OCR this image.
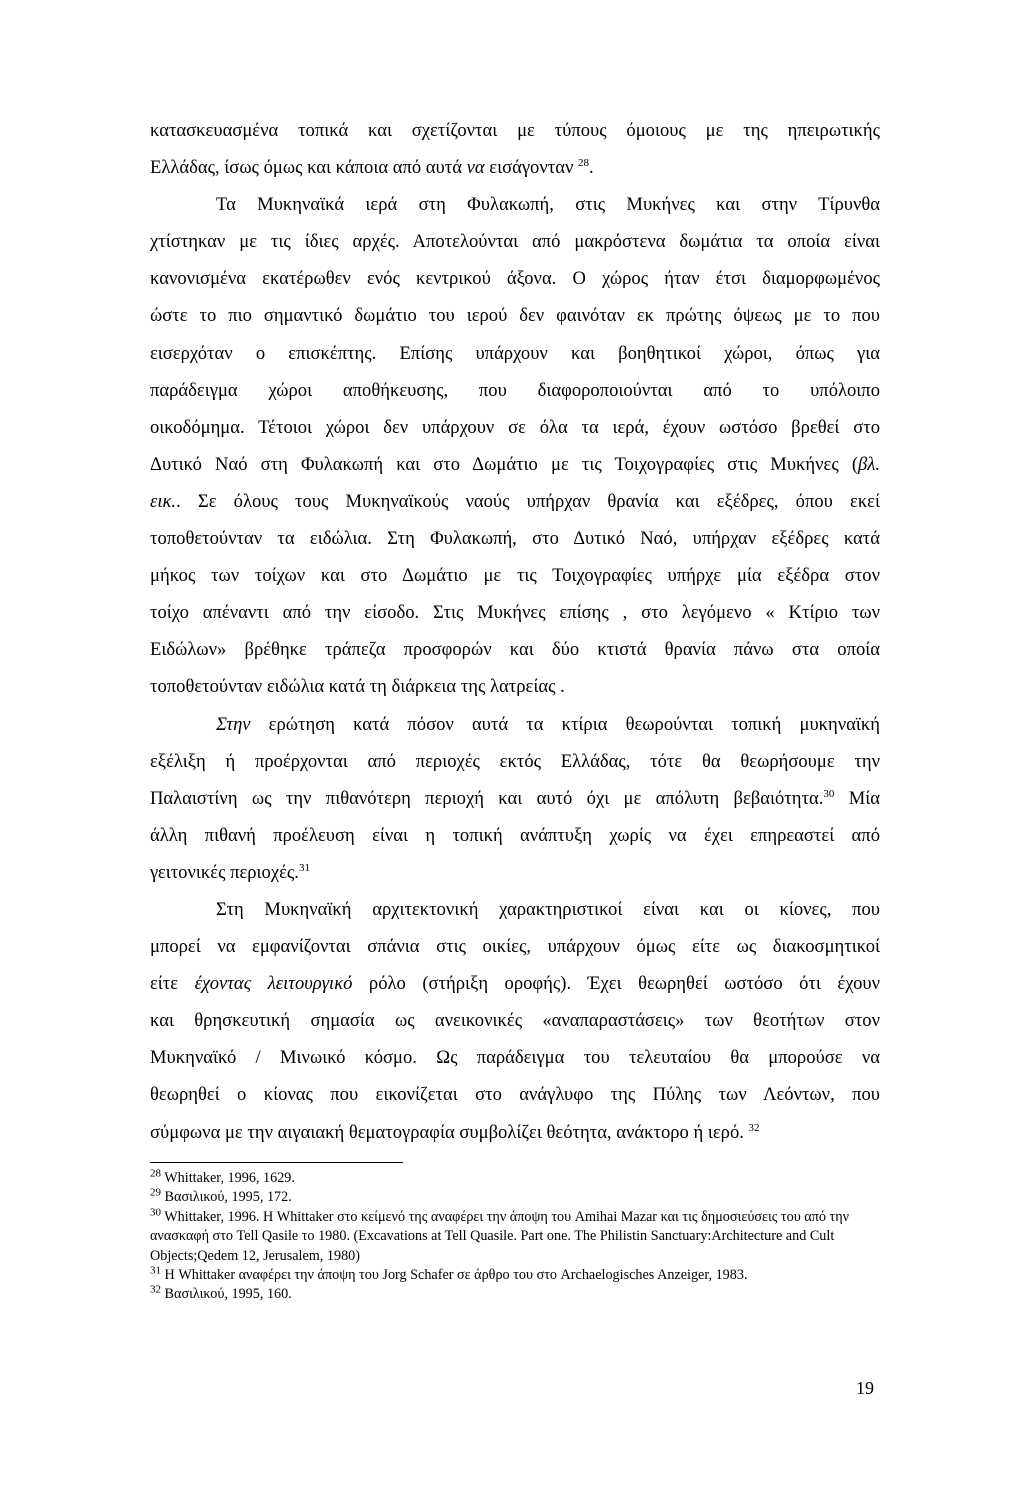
κατασκευασμένα τοπικά και σχετίζονται με τύπους όμοιους με της ηπειρωτικής
Ελλάδας, ίσως όμως και κάποια από αυτά να εισάγονταν $^{28}$.
Τα Μυκηναϊκά ιερά στη Φυλακωπή, στις Μυκήνες και στην Τίρυνθα
χτίστηκαν με τις ίδιες αρχές. Αποτελούνται από μακρόστενα δωμάτια τα οποία είναι
κανονισμένα εκατέρωθεν ενός κεντρικού άξονα. Ο χώρος ήταν έτσι διαμορφωμένος
ώστε το πιο σημαντικό δωμάτιο του ιερού δεν φαινόταν εκ πρώτης όψεως με το που
εισερχόταν ο επισκέπτης. Επίσης υπάρχουν και βοηθητικοί χώροι, όπως για
παράδειγμα χώροι αποθήκευσης, που διαφοροποιούνται από το υπόλοιπο
οικοδόμημα. Τέτοιοι χώροι δεν υπάρχουν σε όλα τα ιερά, έχουν ωστόσο βρεθεί στο
Δυτικό Ναό στη Φυλακωπή και στο Δωμάτιο με τις Τοιχογραφίες στις Μυκήνες (βλ.
εικ.. Σε όλους τους Μυκηναϊκούς ναούς υπήρχαν θρανία και εξέδρες, όπου εκεί
τοποθετούνταν τα ειδώλια. Στη Φυλακωπή, στο Δυτικό Ναό, υπήρχαν εξέδρες κατά
μήκος των τοίχων και στο Δωμάτιο με τις Τοιχογραφίες υπήρχε μία εξέδρα στον
τοίχο απέναντι από την είσοδο. Στις Μυκήνες επίσης , στο λεγόμενο « Κτίριο των
Ειδώλων» βρέθηκε τράπεζα προσφορών και δύο κτιστά θρανία πάνω στα οποία
τοποθετούνταν ειδώλια κατά τη διάρκεια της λατρείας .
Στην ερώτηση κατά πόσον αυτά τα κτίρια θεωρούνται τοπική μυκηναϊκή
εξέλιξη ή προέρχονται από περιοχές εκτός Ελλάδας, τότε θα θεωρήσουμε την
Παλαιστίνη ως την πιθανότερη περιοχή και αυτό όχι με απόλυτη βεβαιότητα.$^{30}$ Μία
άλλη πιθανή προέλευση είναι η τοπική ανάπτυξη χωρίς να έχει επηρεαστεί από
γειτονικές περιοχές.$^{31}$
Στη Μυκηναϊκή αρχιτεκτονική χαρακτηριστικοί είναι και οι κίονες, που
μπορεί να εμφανίζονται σπάνια στις οικίες, υπάρχουν όμως είτε ως διακοσμητικοί
είτε έχοντας λειτουργικό ρόλο (στήριξη οροφής). Έχει θεωρηθεί ωστόσο ότι έχουν
και θρησκευτική σημασία ως ανεικονικές «αναπαραστάσεις» των θεοτήτων στον
Μυκηναϊκό / Μινωικό κόσμο. Ως παράδειγμα του τελευταίου θα μπορούσε να
θεωρηθεί ο κίονας που εικονίζεται στο ανάγλυφο της Πύλης των Λεόντων, που
σύμφωνα με την αιγαιακή θεματογραφία συμβολίζει θεότητα, ανάκτορο ή ιερό. $^{32}$
$^{28}$ Whittaker, 1996, 1629.
$^{29}$ Βασιλικού, 1995, 172.
$^{30}$ Whittaker, 1996. Η Whittaker στο κείμενό της αναφέρει την άποψη του Amihai Mazar και τις δημοσιεύσεις του από την ανασκαφή στο Tell Qasile το 1980. (Excavations at Tell Quasile. Part one. The Philistin Sanctuary:Architecture and Cult Objects;Qedem 12, Jerusalem, 1980)
$^{31}$ Η Whittaker αναφέρει την άποψη του Jorg Schafer σε άρθρο του στο Archaelogisches Anzeiger, 1983.
$^{32}$ Βασιλικού, 1995, 160.
19
